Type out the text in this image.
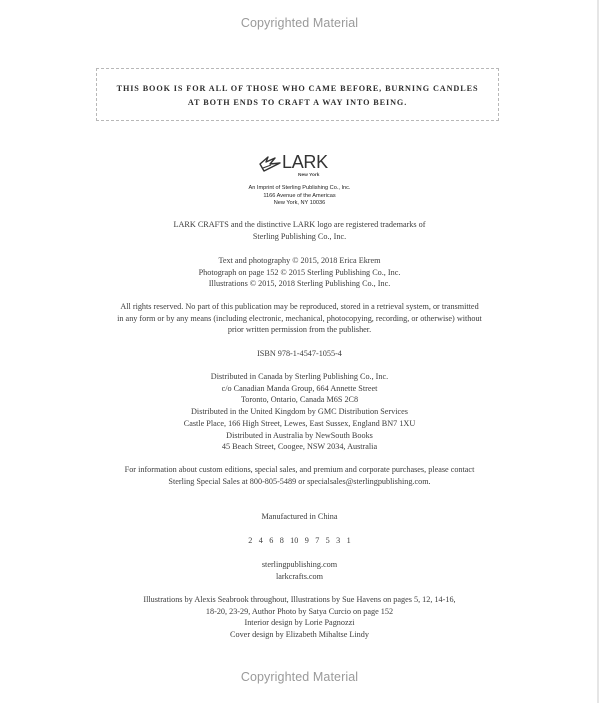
Copyrighted Material
THIS BOOK IS FOR ALL OF THOSE WHO CAME BEFORE, BURNING CANDLES
AT BOTH ENDS TO CRAFT A WAY INTO BEING.
LARK
New York
An Imprint of Sterling Publishing Co., Inc.
1166 Avenue of the Americas
New York, NY 10036
LARK CRAFTS and the distinctive LARK logo are registered trademarks of
Sterling Publishing Co., Inc.
Text and photography © 2015, 2018 Erica Ekrem
Photograph on page 152 © 2015 Sterling Publishing Co., Inc.
Illustrations © 2015, 2018 Sterling Publishing Co., Inc.
All rights reserved. No part of this publication may be reproduced, stored in a retrieval system, or transmitted
in any form or by any means (including electronic, mechanical, photocopying, recording, or otherwise) without
prior written permission from the publisher.
ISBN 978-1-4547-1055-4
Distributed in Canada by Sterling Publishing Co., Inc.
c/o Canadian Manda Group, 664 Annette Street
Toronto, Ontario, Canada M6S 2C8
Distributed in the United Kingdom by GMC Distribution Services
Castle Place, 166 High Street, Lewes, East Sussex, England BN7 1XU
Distributed in Australia by NewSouth Books
45 Beach Street, Coogee, NSW 2034, Australia
For information about custom editions, special sales, and premium and corporate purchases, please contact
Sterling Special Sales at 800-805-5489 or specialsales@sterlingpublishing.com.
Manufactured in China
2 4 6 8 10 9 7 5 3 1
sterlingpublishing.com
larkcrafts.com
Illustrations by Alexis Seabrook throughout, Illustrations by Sue Havens on pages 5, 12, 14-16,
18-20, 23-29, Author Photo by Satya Curcio on page 152
Interior design by Lorie Pagnozzi
Cover design by Elizabeth Mihaltse Lindy
Copyrighted Material
